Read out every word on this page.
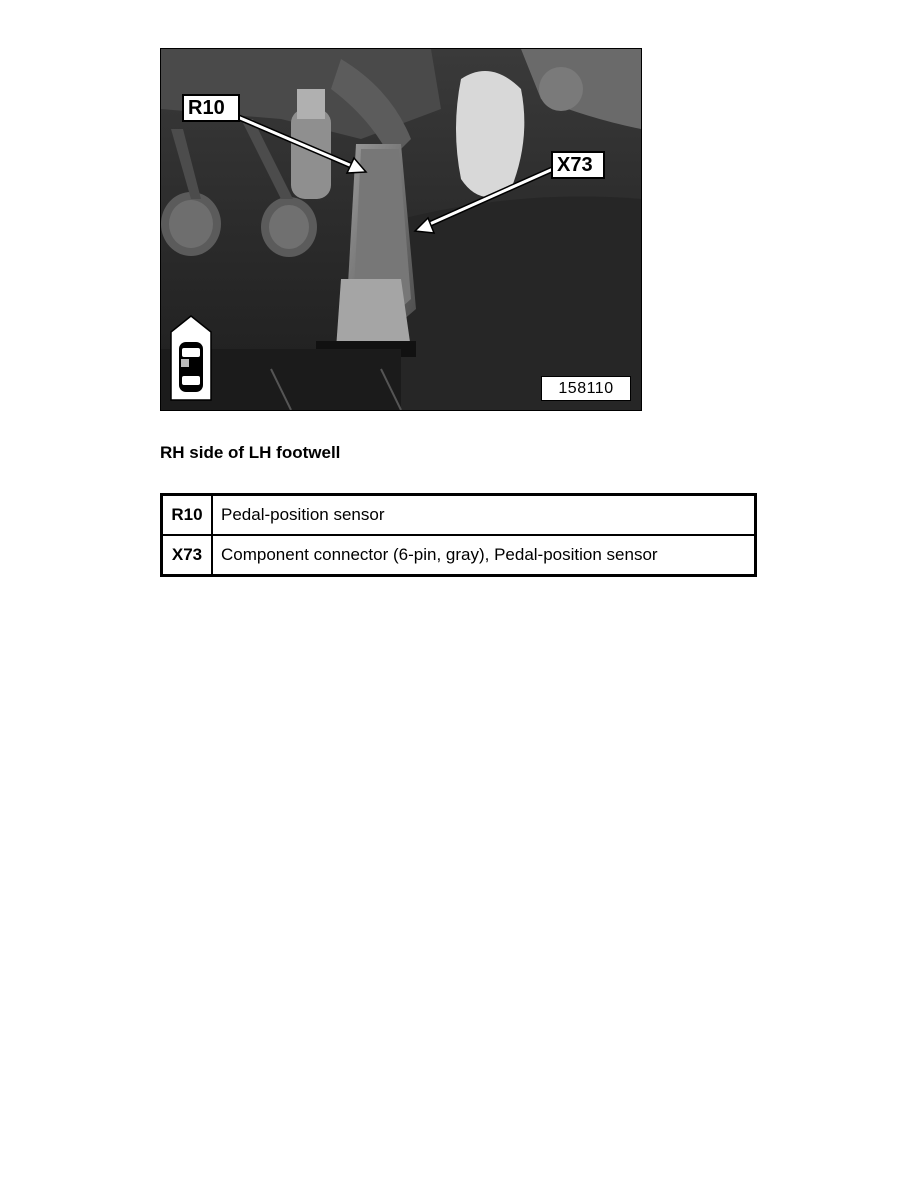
R10
X73
158110
RH side of LH footwell
R10	Pedal-position sensor
X73	Component connector (6-pin, gray), Pedal-position sensor
